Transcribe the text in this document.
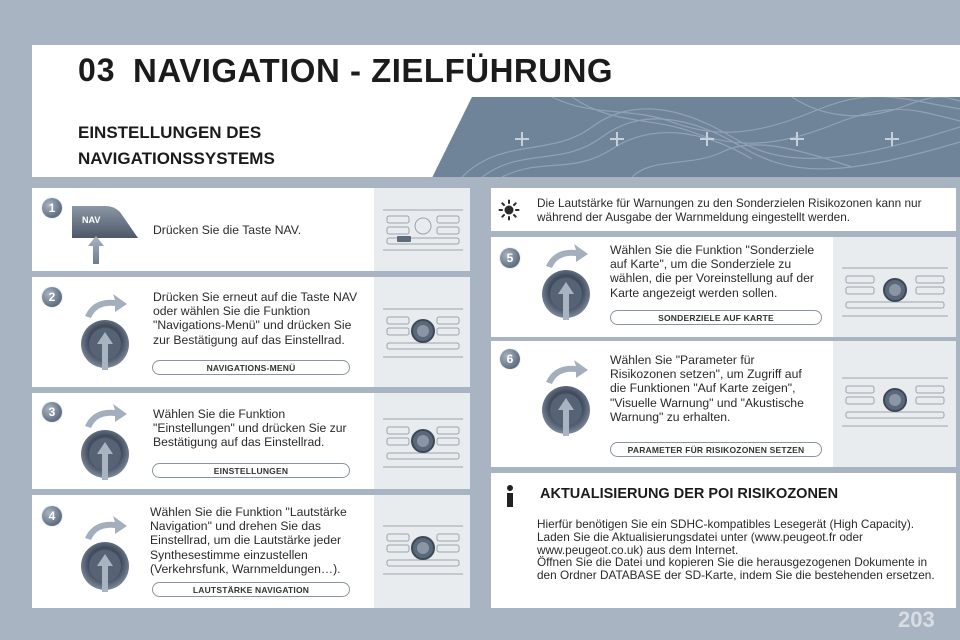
03 NAVIGATION - ZIELFÜHRUNG
EINSTELLUNGEN DES
NAVIGATIONSSYSTEMS
1
2
3
4
5
6
NAV
Drücken Sie die Taste NAV.
Drücken Sie erneut auf die Taste NAV oder wählen Sie die Funktion "Navigations-Menü" und drücken Sie zur Bestätigung auf das Einstellrad.
Wählen Sie die Funktion "Einstellungen" und drücken Sie zur Bestätigung auf das Einstellrad.
Wählen Sie die Funktion "Lautstärke Navigation" und drehen Sie das Einstellrad, um die Lautstärke jeder Synthesestimme einzustellen (Verkehrsfunk, Warnmeldungen…).
Wählen Sie die Funktion "Sonderziele auf Karte", um die Sonderziele zu wählen, die per Voreinstellung auf der Karte angezeigt werden sollen.
Wählen Sie "Parameter für Risikozonen setzen", um Zugriff auf die Funktionen "Auf Karte zeigen", "Visuelle Warnung" und "Akustische Warnung" zu erhalten.
NAVIGATIONS-MENÜ
EINSTELLUNGEN
LAUTSTÄRKE NAVIGATION
SONDERZIELE AUF KARTE
PARAMETER FÜR RISIKOZONEN SETZEN
Die Lautstärke für Warnungen zu den Sonderzielen Risikozonen kann nur während der Ausgabe der Warnmeldung eingestellt werden.
AKTUALISIERUNG DER POI RISIKOZONEN
Hierfür benötigen Sie ein SDHC-kompatibles Lesegerät (High Capacity).
Laden Sie die Aktualisierungsdatei unter (www.peugeot.fr oder www.peugeot.co.uk) aus dem Internet.
Öffnen Sie die Datei und kopieren Sie die herausgezogenen Dokumente in den Ordner DATABASE der SD-Karte, indem Sie die bestehenden ersetzen.
203
